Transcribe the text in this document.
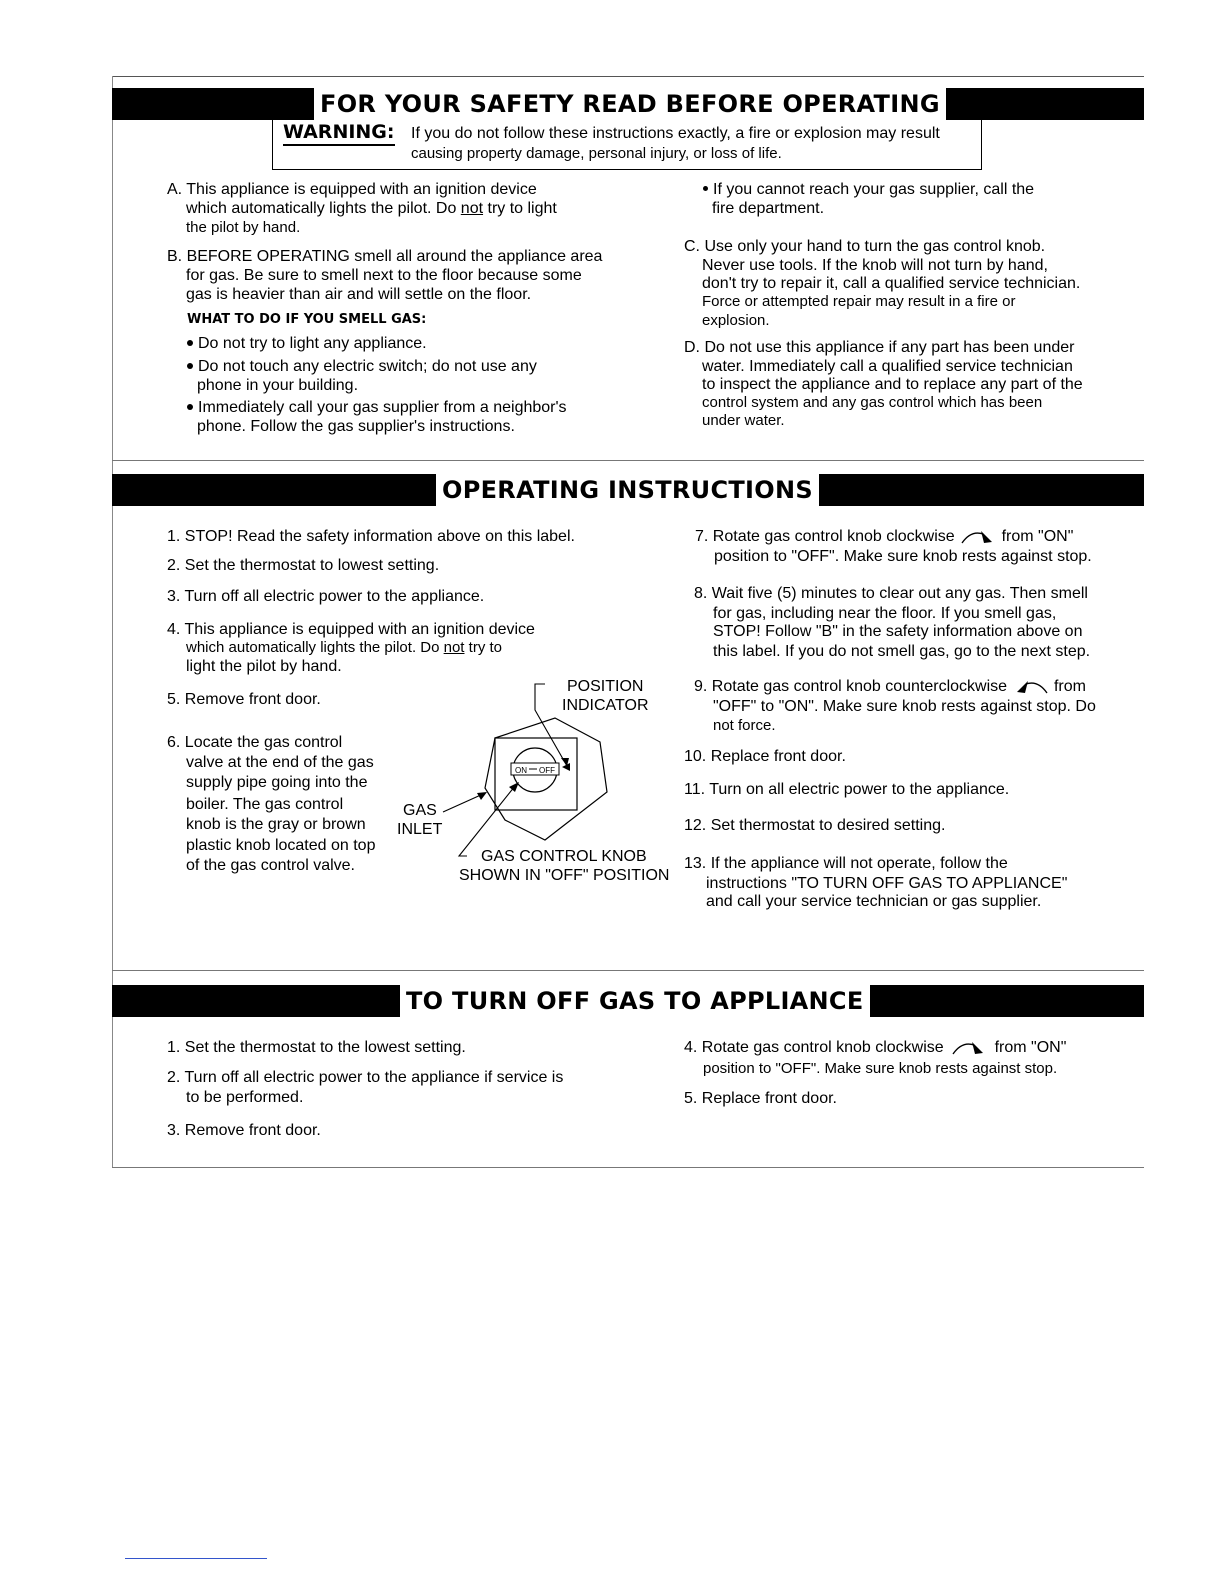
FOR YOUR SAFETY READ BEFORE OPERATING
WARNING: If you do not follow these instructions exactly, a fire or explosion may result
causing property damage, personal injury, or loss of life.
A. This appliance is equipped with an ignition device
which automatically lights the pilot. Do not try to light
the pilot by hand.
B. BEFORE OPERATING smell all around the appliance area
for gas. Be sure to smell next to the floor because some
gas is heavier than air and will settle on the floor.
WHAT TO DO IF YOU SMELL GAS:
Do not try to light any appliance.
Do not touch any electric switch; do not use any
phone in your building.
Immediately call your gas supplier from a neighbor's
phone. Follow the gas supplier's instructions.
If you cannot reach your gas supplier, call the
fire department.
C. Use only your hand to turn the gas control knob.
Never use tools. If the knob will not turn by hand,
don't try to repair it, call a qualified service technician.
Force or attempted repair may result in a fire or
explosion.
D. Do not use this appliance if any part has been under
water. Immediately call a qualified service technician
to inspect the appliance and to replace any part of the
control system and any gas control which has been
under water.
OPERATING INSTRUCTIONS
1. STOP! Read the safety information above on this label.
2. Set the thermostat to lowest setting.
3. Turn off all electric power to the appliance.
4. This appliance is equipped with an ignition device
which automatically lights the pilot. Do not try to
light the pilot by hand.
5. Remove front door.
6. Locate the gas control
valve at the end of the gas
supply pipe going into the
boiler. The gas control
knob is the gray or brown
plastic knob located on top
of the gas control valve.
ON OFF
POSITION
INDICATOR
GAS
INLET
GAS CONTROL KNOB
SHOWN IN "OFF" POSITION
7. Rotate gas control knob clockwise	from "ON"
position to "OFF". Make sure knob rests against stop.
8. Wait five (5) minutes to clear out any gas. Then smell
for gas, including near the floor. If you smell gas,
STOP! Follow "B" in the safety information above on
this label. If you do not smell gas, go to the next step.
9. Rotate gas control knob counterclockwise	from
"OFF" to "ON". Make sure knob rests against stop. Do
not force.
10. Replace front door.
11. Turn on all electric power to the appliance.
12. Set thermostat to desired setting.
13. If the appliance will not operate, follow the
instructions "TO TURN OFF GAS TO APPLIANCE"
and call your service technician or gas supplier.
TO TURN OFF GAS TO APPLIANCE
1. Set the thermostat to the lowest setting.
2. Turn off all electric power to the appliance if service is
to be performed.
3. Remove front door.
4. Rotate gas control knob clockwise	from "ON"
position to "OFF". Make sure knob rests against stop.
5. Replace front door.
